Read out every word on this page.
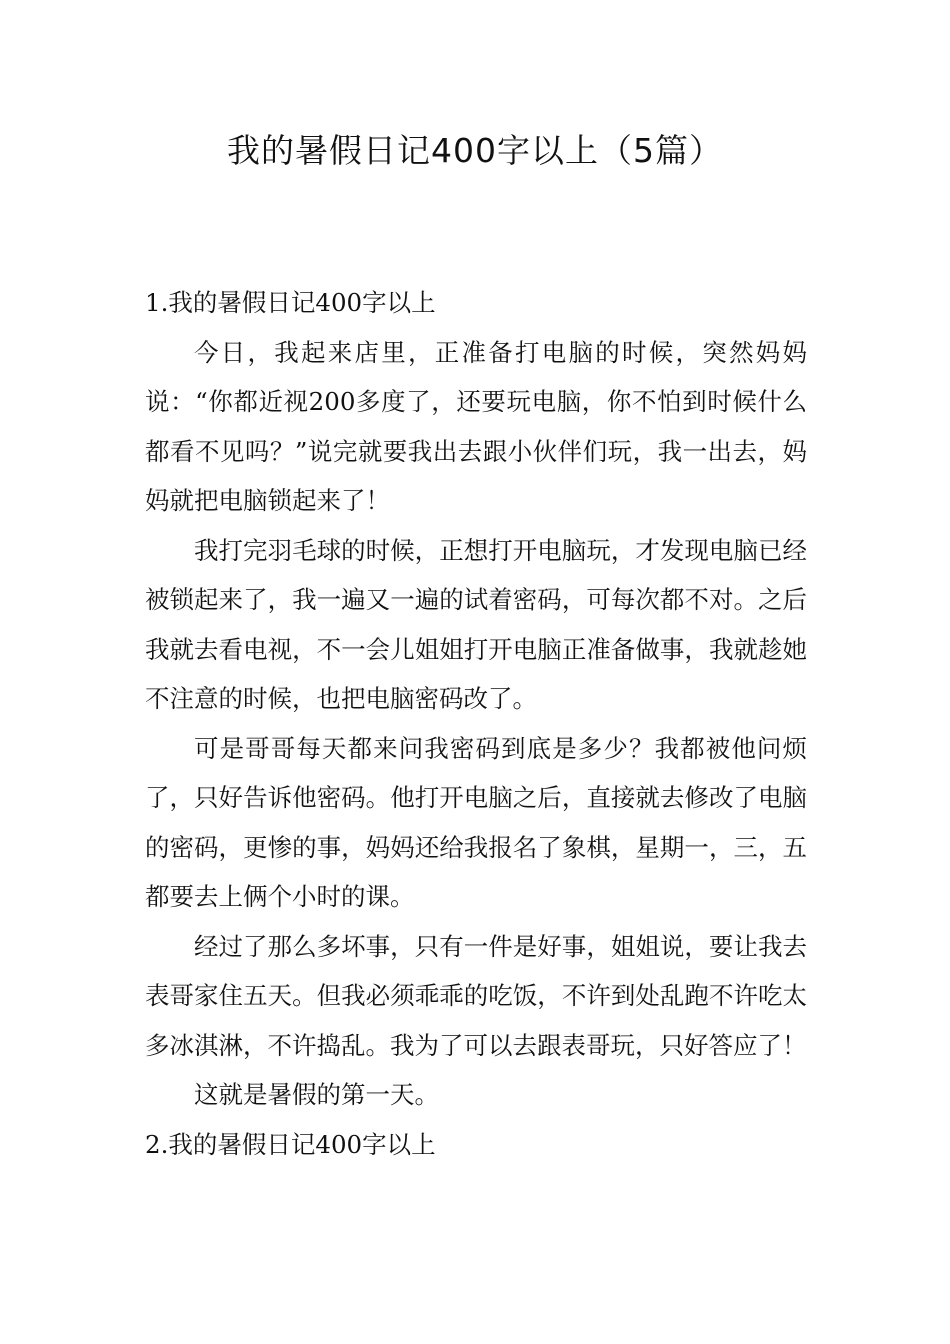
我的暑假日记400字以上（5篇）
1.我的暑假日记400字以上

今日，我起来店里，正准备打电脑的时候，突然妈妈说：“你都近视200多度了，还要玩电脑，你不怕到时候什么都看不见吗？”说完就要我出去跟小伙伴们玩，我一出去，妈妈就把电脑锁起来了！

我打完羽毛球的时候，正想打开电脑玩，才发现电脑已经被锁起来了，我一遍又一遍的试着密码，可每次都不对。之后我就去看电视，不一会儿姐姐打开电脑正准备做事，我就趁她不注意的时候，也把电脑密码改了。

可是哥哥每天都来问我密码到底是多少？我都被他问烦了，只好告诉他密码。他打开电脑之后，直接就去修改了电脑的密码，更惨的事，妈妈还给我报名了象棋，星期一，三，五都要去上俩个小时的课。

经过了那么多坏事，只有一件是好事，姐姐说，要让我去表哥家住五天。但我必须乖乖的吃饭，不许到处乱跑不许吃太多冰淇淋，不许捣乱。我为了可以去跟表哥玩，只好答应了！

这就是暑假的第一天。

2.我的暑假日记400字以上
